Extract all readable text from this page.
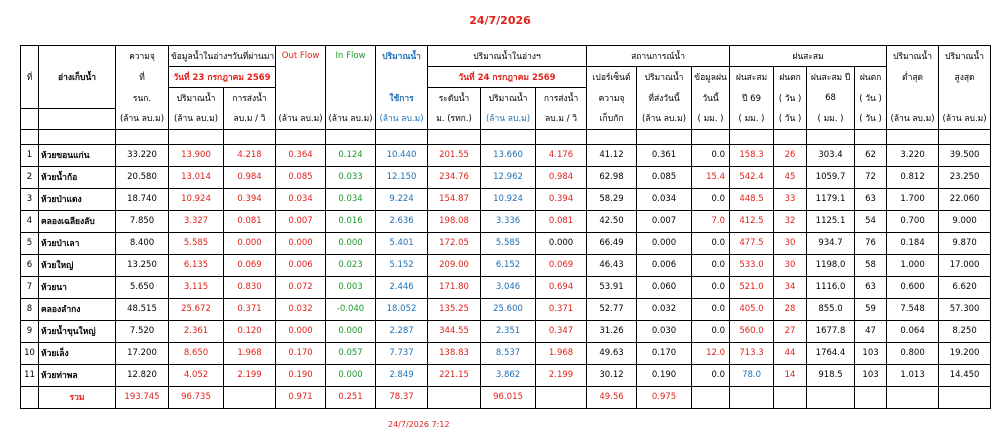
24/7/2026
ที่	อ่างเก็บน้ำ	ความจุ	ข้อมูลน้ำในอ่างฯวันที่ผ่านมา		Out Flow	In Flow	ปริมาณน้ำ	ปริมาณน้ำในอ่างฯ			สถานการณ์น้ำ			ฝนสะสม				ปริมาณน้ำ	ปริมาณน้ำ
		ที่	วันที่ 23 กรกฎาคม 2569					วันที่ 24 กรกฎาคม 2569			เปอร์เซ็นต์	ปริมาณน้ำ	ข้อมูลฝน	ฝนสะสม	ฝนตก	ฝนสะสม ปี	ฝนตก	ต่ำสุด	สูงสุด
		รนก.	ปริมาณน้ำ	การส่งน้ำ			ใช้การ	ระดับน้ำ	ปริมาณน้ำ	การส่งน้ำ	ความจุ	ที่ส่งวันนี้	วันนี้	ปี 69	( วัน )	68	( วัน )		
		(ล้าน ลบ.ม)	(ล้าน ลบ.ม)	ลบ.ม / วิ	(ล้าน ลบ.ม)	(ล้าน ลบ.ม)	(ล้าน ลบ.ม)	ม. (รทก.)	(ล้าน ลบ.ม)	ลบ.ม / วิ	เก็บกัก	(ล้าน ลบ.ม)	( มม. )	( มม. )	( วัน )	( มม. )	( วัน )	(ล้าน ลบ.ม)	(ล้าน ลบ.ม)

1	ห้วยขอนแก่น	33.220	13.900	4.218	0.364	0.124	10.440	201.55	13.660	4.176	41.12	0.361	0.0	158.3	26	303.4	62	3.220	39.500
2	ห้วยน้ำก้อ	20.580	13.014	0.984	0.085	0.033	12.150	234.76	12.962	0.984	62.98	0.085	15.4	542.4	45	1059.7	72	0.812	23.250
3	ห้วยป่าแดง	18.740	10.924	0.394	0.034	0.034	9.224	154.87	10.924	0.394	58.29	0.034	0.0	448.5	33	1179.1	63	1.700	22.060
4	คลองเฉลียงลับ	7.850	3.327	0.081	0.007	0.016	2.636	198.08	3.336	0.081	42.50	0.007	7.0	412.5	32	1125.1	54	0.700	9.000
5	ห้วยป่าเลา	8.400	5.585	0.000	0.000	0.000	5.401	172.05	5.585	0.000	66.49	0.000	0.0	477.5	30	934.7	76	0.184	9.870
6	ห้วยใหญ่	13.250	6.135	0.069	0.006	0.023	5.152	209.00	6.152	0.069	46.43	0.006	0.0	533.0	30	1198.0	58	1.000	17.000
7	ห้วยนา	5.650	3.115	0.830	0.072	0.003	2.446	171.80	3.046	0.694	53.91	0.060	0.0	521.0	34	1116.0	63	0.600	6.620
8	คลองลำกง	48.515	25.672	0.371	0.032	-0.040	18.052	135.25	25.600	0.371	52.77	0.032	0.0	405.0	28	855.0	59	7.548	57.300
9	ห้วยน้ำขุนใหญ่	7.520	2.361	0.120	0.000	0.000	2.287	344.55	2.351	0.347	31.26	0.030	0.0	560.0	27	1677.8	47	0.064	8.250
10	ห้วยเล็ง	17.200	8.650	1.968	0.170	0.057	7.737	138.83	8.537	1.968	49.63	0.170	12.0	713.3	44	1764.4	103	0.800	19.200
11	ห้วยท่าพล	12.820	4.052	2.199	0.190	0.000	2.849	221.15	3.862	2.199	30.12	0.190	0.0	78.0	14	918.5	103	1.013	14.450
	รวม	193.745	96.735		0.971	0.251	78.37		96.015		49.56	0.975							
24/7/2026 7:12
